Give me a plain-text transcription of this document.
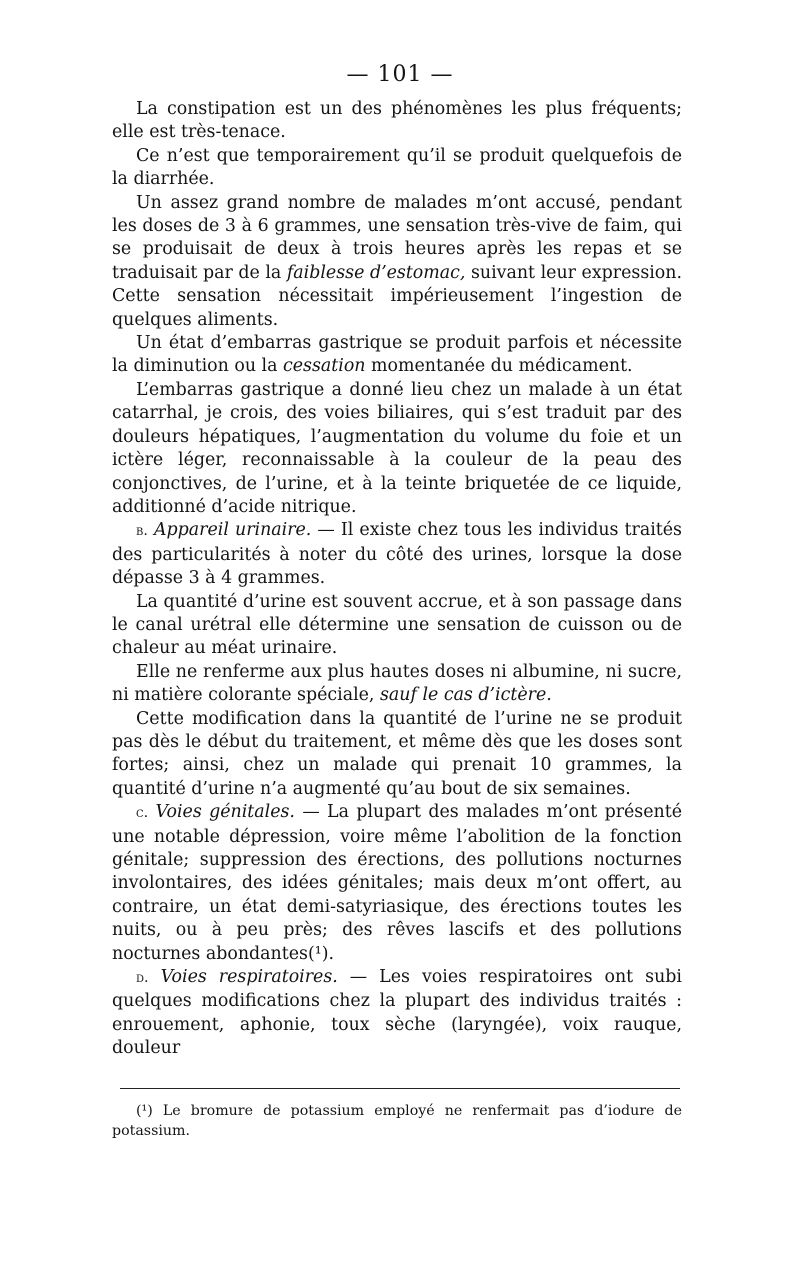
— 101 —

La constipation est un des phénomènes les plus fréquents; elle est très-tenace.

Ce n’est que temporairement qu’il se produit quelquefois de la diarrhée.

Un assez grand nombre de malades m’ont accusé, pendant les doses de 3 à 6 grammes, une sensation très-vive de faim, qui se produisait de deux à trois heures après les repas et se traduisait par de la faiblesse d’estomac, suivant leur expression. Cette sensation nécessitait impérieusement l’ingestion de quelques aliments.

Un état d’embarras gastrique se produit parfois et nécessite la diminution ou la cessation momentanée du médicament.

L’embarras gastrique a donné lieu chez un malade à un état catarrhal, je crois, des voies biliaires, qui s’est traduit par des douleurs hépatiques, l’augmentation du volume du foie et un ictère léger, reconnaissable à la couleur de la peau des conjonctives, de l’urine, et à la teinte briquetée de ce liquide, additionné d’acide nitrique.

b. Appareil urinaire. — Il existe chez tous les individus traités des particularités à noter du côté des urines, lorsque la dose dépasse 3 à 4 grammes.

La quantité d’urine est souvent accrue, et à son passage dans le canal urétral elle détermine une sensation de cuisson ou de chaleur au méat urinaire.

Elle ne renferme aux plus hautes doses ni albumine, ni sucre, ni matière colorante spéciale, sauf le cas d’ictère.

Cette modification dans la quantité de l’urine ne se produit pas dès le début du traitement, et même dès que les doses sont fortes; ainsi, chez un malade qui prenait 10 grammes, la quantité d’urine n’a augmenté qu’au bout de six semaines.

c. Voies génitales. — La plupart des malades m’ont présenté une notable dépression, voire même l’abolition de la fonction génitale; suppression des érections, des pollutions nocturnes involontaires, des idées génitales; mais deux m’ont offert, au contraire, un état demi-satyriasique, des érections toutes les nuits, ou à peu près; des rêves lascifs et des pollutions nocturnes abondantes(¹).

d. Voies respiratoires. — Les voies respiratoires ont subi quelques modifications chez la plupart des individus traités : enrouement, aphonie, toux sèche (laryngée), voix rauque, douleur

(¹) Le bromure de potassium employé ne renfermait pas d’iodure de potassium.
